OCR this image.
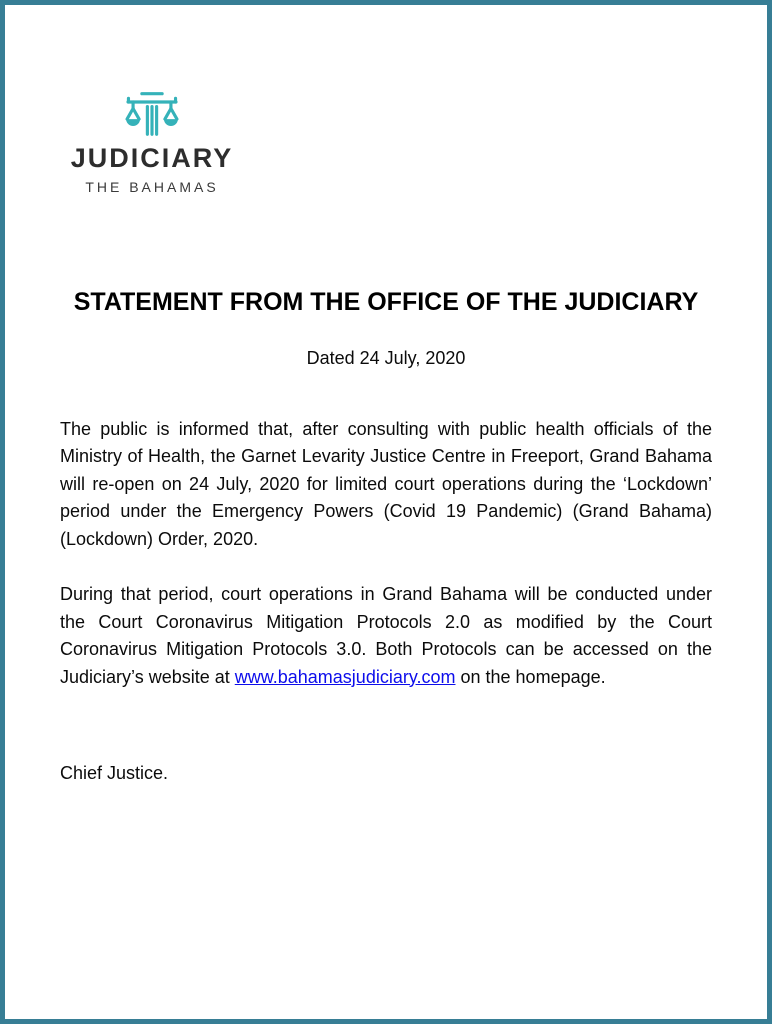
JUDICIARY
THE BAHAMAS
STATEMENT FROM THE OFFICE OF THE JUDICIARY
Dated 24 July, 2020

The public is informed that, after consulting with public health officials of the Ministry of Health, the Garnet Levarity Justice Centre in Freeport, Grand Bahama will re-open on 24 July, 2020 for limited court operations during the ‘Lockdown’ period under the Emergency Powers (Covid 19 Pandemic) (Grand Bahama) (Lockdown) Order, 2020.

During that period, court operations in Grand Bahama will be conducted under the Court Coronavirus Mitigation Protocols 2.0 as modified by the Court Coronavirus Mitigation Protocols 3.0. Both Protocols can be accessed on the Judiciary’s website at www.bahamasjudiciary.com on the homepage.

Chief Justice.
